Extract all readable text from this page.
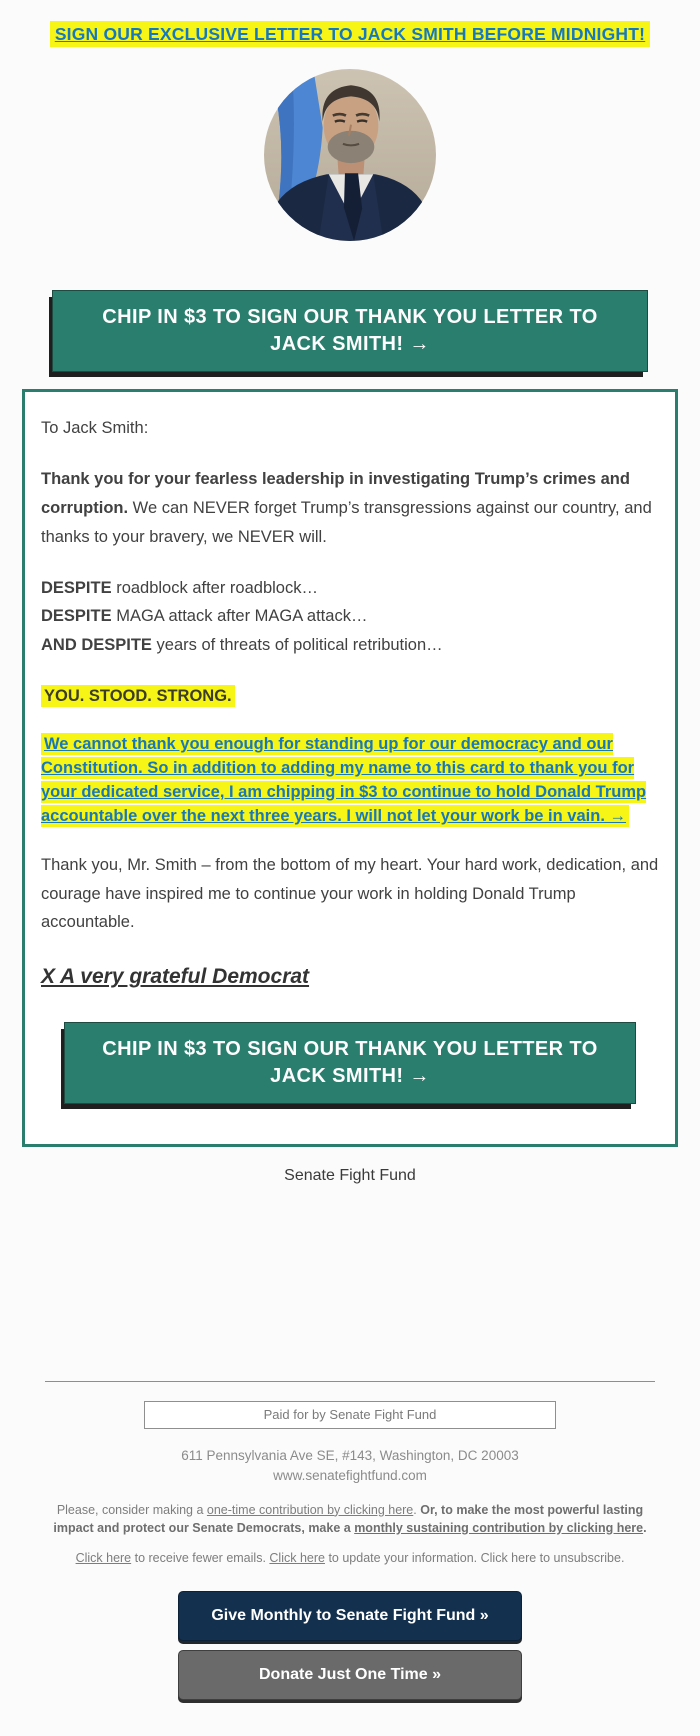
SIGN OUR EXCLUSIVE LETTER TO JACK SMITH BEFORE MIDNIGHT!
CHIP IN $3 TO SIGN OUR THANK YOU LETTER TO JACK SMITH! →

To Jack Smith:

Thank you for your fearless leadership in investigating Trump’s crimes and corruption. We can NEVER forget Trump’s transgressions against our country, and thanks to your bravery, we NEVER will.

DESPITE roadblock after roadblock…
DESPITE MAGA attack after MAGA attack…
AND DESPITE years of threats of political retribution…

YOU. STOOD. STRONG.

We cannot thank you enough for standing up for our democracy and our Constitution. So in addition to adding my name to this card to thank you for your dedicated service, I am chipping in $3 to continue to hold Donald Trump accountable over the next three years. I will not let your work be in vain. →

Thank you, Mr. Smith – from the bottom of my heart. Your hard work, dedication, and courage have inspired me to continue your work in holding Donald Trump accountable.

X A very grateful Democrat

CHIP IN $3 TO SIGN OUR THANK YOU LETTER TO JACK SMITH! →
Senate Fight Fund
Paid for by Senate Fight Fund
611 Pennsylvania Ave SE, #143, Washington, DC 20003
www.senatefightfund.com
Please, consider making a one-time contribution by clicking here. Or, to make the most powerful lasting impact and protect our Senate Democrats, make a monthly sustaining contribution by clicking here.
Click here to receive fewer emails. Click here to update your information. Click here to unsubscribe.
Give Monthly to Senate Fight Fund »
Donate Just One Time »
